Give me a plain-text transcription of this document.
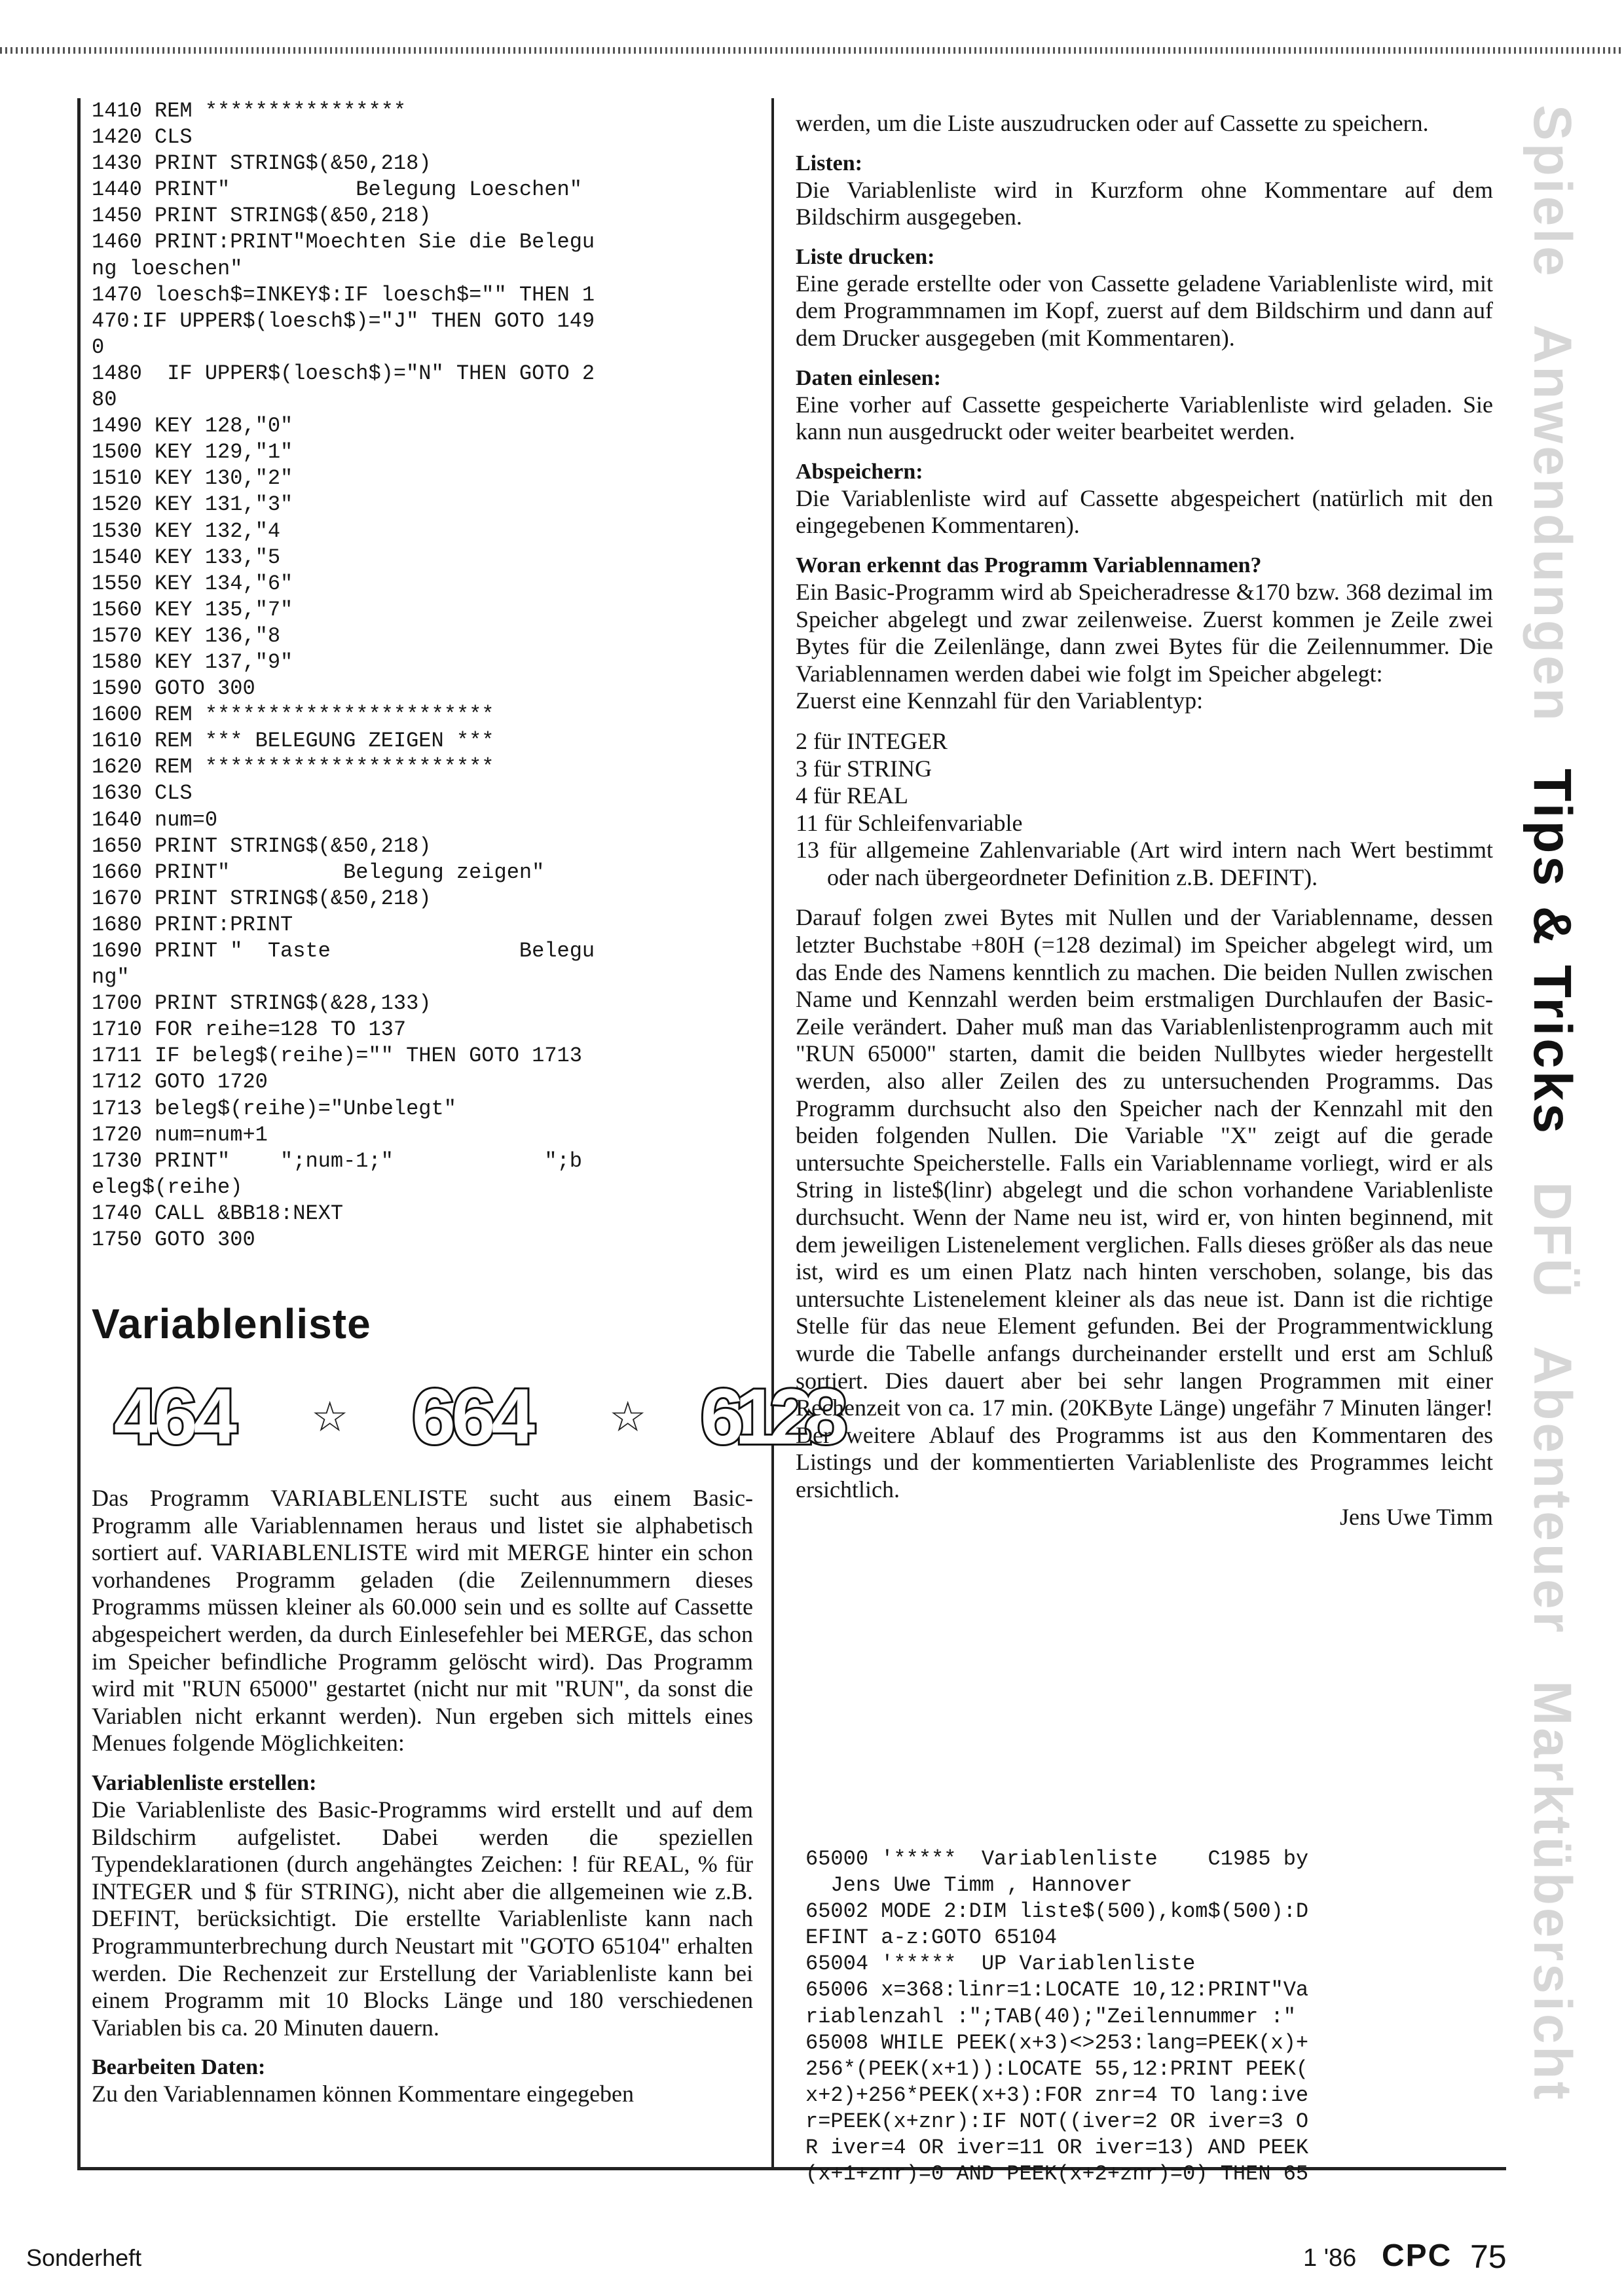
1410 REM ****************
1420 CLS
1430 PRINT STRING$(&50,218)
1440 PRINT"          Belegung Loeschen"
1450 PRINT STRING$(&50,218)
1460 PRINT:PRINT"Moechten Sie die Belegu
ng loeschen"
1470 loesch$=INKEY$:IF loesch$="" THEN 1
470:IF UPPER$(loesch$)="J" THEN GOTO 149
0
1480  IF UPPER$(loesch$)="N" THEN GOTO 2
80
1490 KEY 128,"0"
1500 KEY 129,"1"
1510 KEY 130,"2"
1520 KEY 131,"3"
1530 KEY 132,"4
1540 KEY 133,"5
1550 KEY 134,"6"
1560 KEY 135,"7"
1570 KEY 136,"8
1580 KEY 137,"9"
1590 GOTO 300
1600 REM ***********************
1610 REM *** BELEGUNG ZEIGEN ***
1620 REM ***********************
1630 CLS
1640 num=0
1650 PRINT STRING$(&50,218)
1660 PRINT"         Belegung zeigen"
1670 PRINT STRING$(&50,218)
1680 PRINT:PRINT
1690 PRINT "  Taste               Belegu
ng"
1700 PRINT STRING$(&28,133)
1710 FOR reihe=128 TO 137
1711 IF beleg$(reihe)="" THEN GOTO 1713
1712 GOTO 1720
1713 beleg$(reihe)="Unbelegt"
1720 num=num+1
1730 PRINT"    ";num-1;"            ";b
eleg$(reihe)
1740 CALL &BB18:NEXT
1750 GOTO 300
Variablenliste
464	☆ 664	☆ 6128

Das Programm VARIABLENLISTE sucht aus einem Basic-Programm alle Variablennamen heraus und listet sie alphabetisch sortiert auf. VARIABLENLISTE wird mit MERGE hinter ein schon vorhandenes Programm geladen (die Zeilennummern dieses Programms müssen kleiner als 60.000 sein und es sollte auf Cassette abgespeichert werden, da durch Einlesefehler bei MERGE, das schon im Speicher befindliche Programm gelöscht wird). Das Programm wird mit "RUN 65000" gestartet (nicht nur mit "RUN", da sonst die Variablen nicht erkannt werden). Nun ergeben sich mittels eines Menues folgende Möglichkeiten:

Variablenliste erstellen:

Die Variablenliste des Basic-Programms wird erstellt und auf dem Bildschirm aufgelistet. Dabei werden die speziellen Typendeklarationen (durch angehängtes Zeichen: ! für REAL, % für INTEGER und $ für STRING), nicht aber die allgemeinen wie z.B. DEFINT, berücksichtigt. Die erstellte Variablenliste kann nach Programmunterbrechung durch Neustart mit "GOTO 65104" erhalten werden. Die Rechenzeit zur Erstellung der Variablenliste kann bei einem Programm mit 10 Blocks Länge und 180 verschiedenen Variablen bis ca. 20 Minuten dauern.

Bearbeiten Daten:

Zu den Variablennamen können Kommentare eingegeben

werden, um die Liste auszudrucken oder auf Cassette zu speichern.

Listen:

Die Variablenliste wird in Kurzform ohne Kommentare auf dem Bildschirm ausgegeben.

Liste drucken:

Eine gerade erstellte oder von Cassette geladene Variablenliste wird, mit dem Programmnamen im Kopf, zuerst auf dem Bildschirm und dann auf dem Drucker ausgegeben (mit Kommentaren).

Daten einlesen:

Eine vorher auf Cassette gespeicherte Variablenliste wird geladen. Sie kann nun ausgedruckt oder weiter bearbeitet werden.

Abspeichern:

Die Variablenliste wird auf Cassette abgespeichert (natürlich mit den eingegebenen Kommentaren).

Woran erkennt das Programm Variablennamen?

Ein Basic-Programm wird ab Speicheradresse &170 bzw. 368 dezimal im Speicher abgelegt und zwar zeilenweise. Zuerst kommen je Zeile zwei Bytes für die Zeilenlänge, dann zwei Bytes für die Zeilennummer. Die Variablennamen werden dabei wie folgt im Speicher abgelegt:

Zuerst eine Kennzahl für den Variablentyp:

2 für INTEGER
3 für STRING
4 für REAL
11 für Schleifenvariable
13 für allgemeine Zahlenvariable (Art wird intern nach Wert bestimmt oder nach übergeordneter Definition z.B. DEFINT).

Darauf folgen zwei Bytes mit Nullen und der Variablenname, dessen letzter Buchstabe +80H (=128 dezimal) im Speicher abgelegt wird, um das Ende des Namens kenntlich zu machen. Die beiden Nullen zwischen Name und Kennzahl werden beim erstmaligen Durchlaufen der Basic-Zeile verändert. Daher muß man das Variablenlistenprogramm auch mit "RUN 65000" starten, damit die beiden Nullbytes wieder hergestellt werden, also aller Zeilen des zu untersuchenden Programms. Das Programm durchsucht also den Speicher nach der Kennzahl mit den beiden folgenden Nullen. Die Variable "X" zeigt auf die gerade untersuchte Speicherstelle. Falls ein Variablenname vorliegt, wird er als String in liste$(linr) abgelegt und die schon vorhandene Variablenliste durchsucht. Wenn der Name neu ist, wird er, von hinten beginnend, mit dem jeweiligen Listenelement verglichen. Falls dieses größer als das neue ist, wird es um einen Platz nach hinten verschoben, solange, bis das untersuchte Listenelement kleiner als das neue ist. Dann ist die richtige Stelle für das neue Element gefunden. Bei der Programmentwicklung wurde die Tabelle anfangs durcheinander erstellt und erst am Schluß sortiert. Dies dauert aber bei sehr langen Programmen mit einer Rechenzeit von ca. 17 min. (20KByte Länge) ungefähr 7 Minuten länger! Der weitere Ablauf des Programms ist aus den Kommentaren des Listings und der kommentierten Variablenliste des Programmes leicht ersichtlich.

Jens Uwe Timm

65000 '*****  Variablenliste    C1985 by
Jens Uwe Timm , Hannover
65002 MODE 2:DIM liste$(500),kom$(500):D
EFINT a-z:GOTO 65104
65004 '*****  UP Variablenliste
65006 x=368:linr=1:LOCATE 10,12:PRINT"Va
riablenzahl :";TAB(40);"Zeilennummer :"
65008 WHILE PEEK(x+3)<>253:lang=PEEK(x)+
256*(PEEK(x+1)):LOCATE 55,12:PRINT PEEK(
x+2)+256*PEEK(x+3):FOR znr=4 TO lang:ive
r=PEEK(x+znr):IF NOT((iver=2 OR iver=3 O
R iver=4 OR iver=11 OR iver=13) AND PEEK
(x+1+znr)=0 AND PEEK(x+2+znr)=0) THEN 65
Spiele
Anwendungen
Tips & Tricks
DFÜ
Abenteuer
Marktübersicht
Sonderheft	1 '86 CPC 75
